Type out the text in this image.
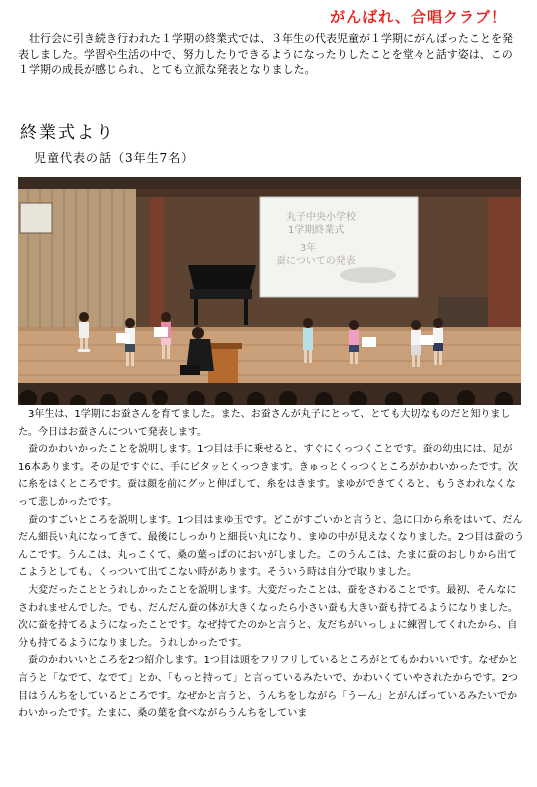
がんばれ、合唱クラブ！

壮行会に引き続き行われた１学期の終業式では、３年生の代表児童が１学期にがんばったことを発表しました。学習や生活の中で、努力したりできるようになったりしたことを堂々と話す姿は、この１学期の成長が感じられ、とても立派な発表となりました。

終業式より
児童代表の話（3年生7名）
丸子中央小学校
1学期終業式
3年
蚕についての発表

3年生は、1学期にお蚕さんを育てました。また、お蚕さんが丸子にとって、とても大切なものだと知りました。今日はお蚕さんについて発表します。

蚕のかわいかったことを説明します。1つ目は手に乗せると、すぐにくっつくことです。蚕の幼虫には、足が16本あります。その足ですぐに、手にピタッとくっつきます。きゅっとくっつくところがかわいかったです。次に糸をはくところです。蚕は顔を前にグッと伸ばして、糸をはきます。まゆができてくると、もうさわれなくなって悲しかったです。

蚕のすごいところを説明します。1つ目はまゆ玉です。どこがすごいかと言うと、急に口から糸をはいて、だんだん細長い丸になってきて、最後にしっかりと細長い丸になり、まゆの中が見えなくなりました。2つ目は蚕のうんこです。うんこは、丸っこくて、桑の葉っぱのにおいがしました。このうんこは、たまに蚕のおしりから出てこようとしても、くっついて出てこない時があります。そういう時は自分で取りました。

大変だったこととうれしかったことを説明します。大変だったことは、蚕をさわることです。最初、そんなにさわれませんでした。でも、だんだん蚕の体が大きくなったら小さい蚕も大きい蚕も持てるようになりました。次に蚕を持てるようになったことです。なぜ持てたのかと言うと、友だちがいっしょに練習してくれたから、自分も持てるようになりました。うれしかったです。

蚕のかわいいところを2つ紹介します。1つ目は頭をフリフリしているところがとてもかわいいです。なぜかと言うと「なでて、なでて」とか、「もっと持って」と言っているみたいで、かわいくていやされたからです。2つ目はうんちをしているところです。なぜかと言うと、うんちをしながら「うーん」とがんばっているみたいでかわいかったです。たまに、桑の葉を食べながらうんちをしていま
